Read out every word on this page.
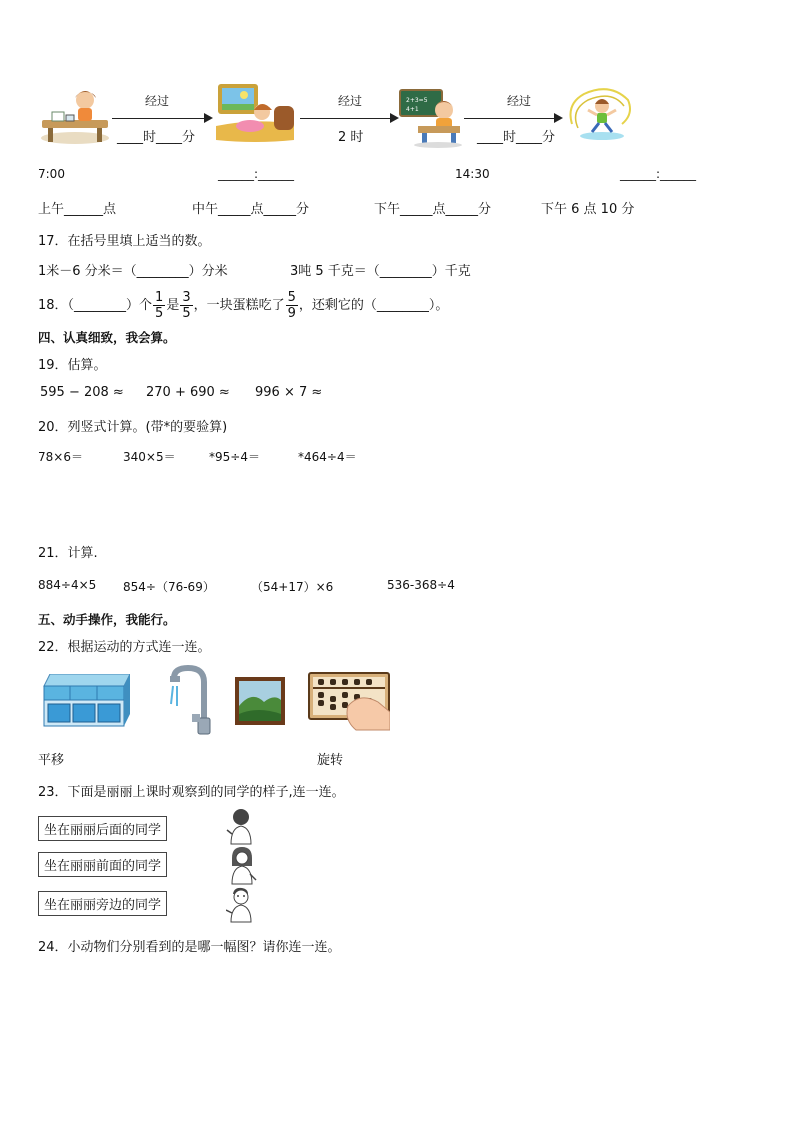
经过
____时____分
经过
2 时
2+3=5
4+1
经过
____时____分
7:00	______:______	14:30	______:______
上午______点	中午_____点_____分	下午_____点_____分	下午 6 点 10 分
17．在括号里填上适当的数。
1米－6 分米＝（________）分米	3吨 5 千克＝（________）千克
18．（________）个 $\frac{1}{5}$ 是 $\frac{3}{5}$ ，一块蛋糕吃了 $\frac{5}{9}$ ，还剩它的（________）。
四、认真细致，我会算。
19．估算。
595 − 208 ≈ 270 + 690 ≈ 996 × 7 ≈
20．列竖式计算。(带*的要验算)
78×6＝	340×5＝	*95÷4＝	*464÷4＝
21．计算.
884÷4×5 854÷（76-69）	（54+17）×6	536-368÷4
五、动手操作，我能行。
22．根据运动的方式连一连。
平移	旋转
23．下面是丽丽上课时观察到的同学的样子,连一连。
坐在丽丽后面的同学
坐在丽丽前面的同学
坐在丽丽旁边的同学
24．小动物们分别看到的是哪一幅图？请你连一连。
